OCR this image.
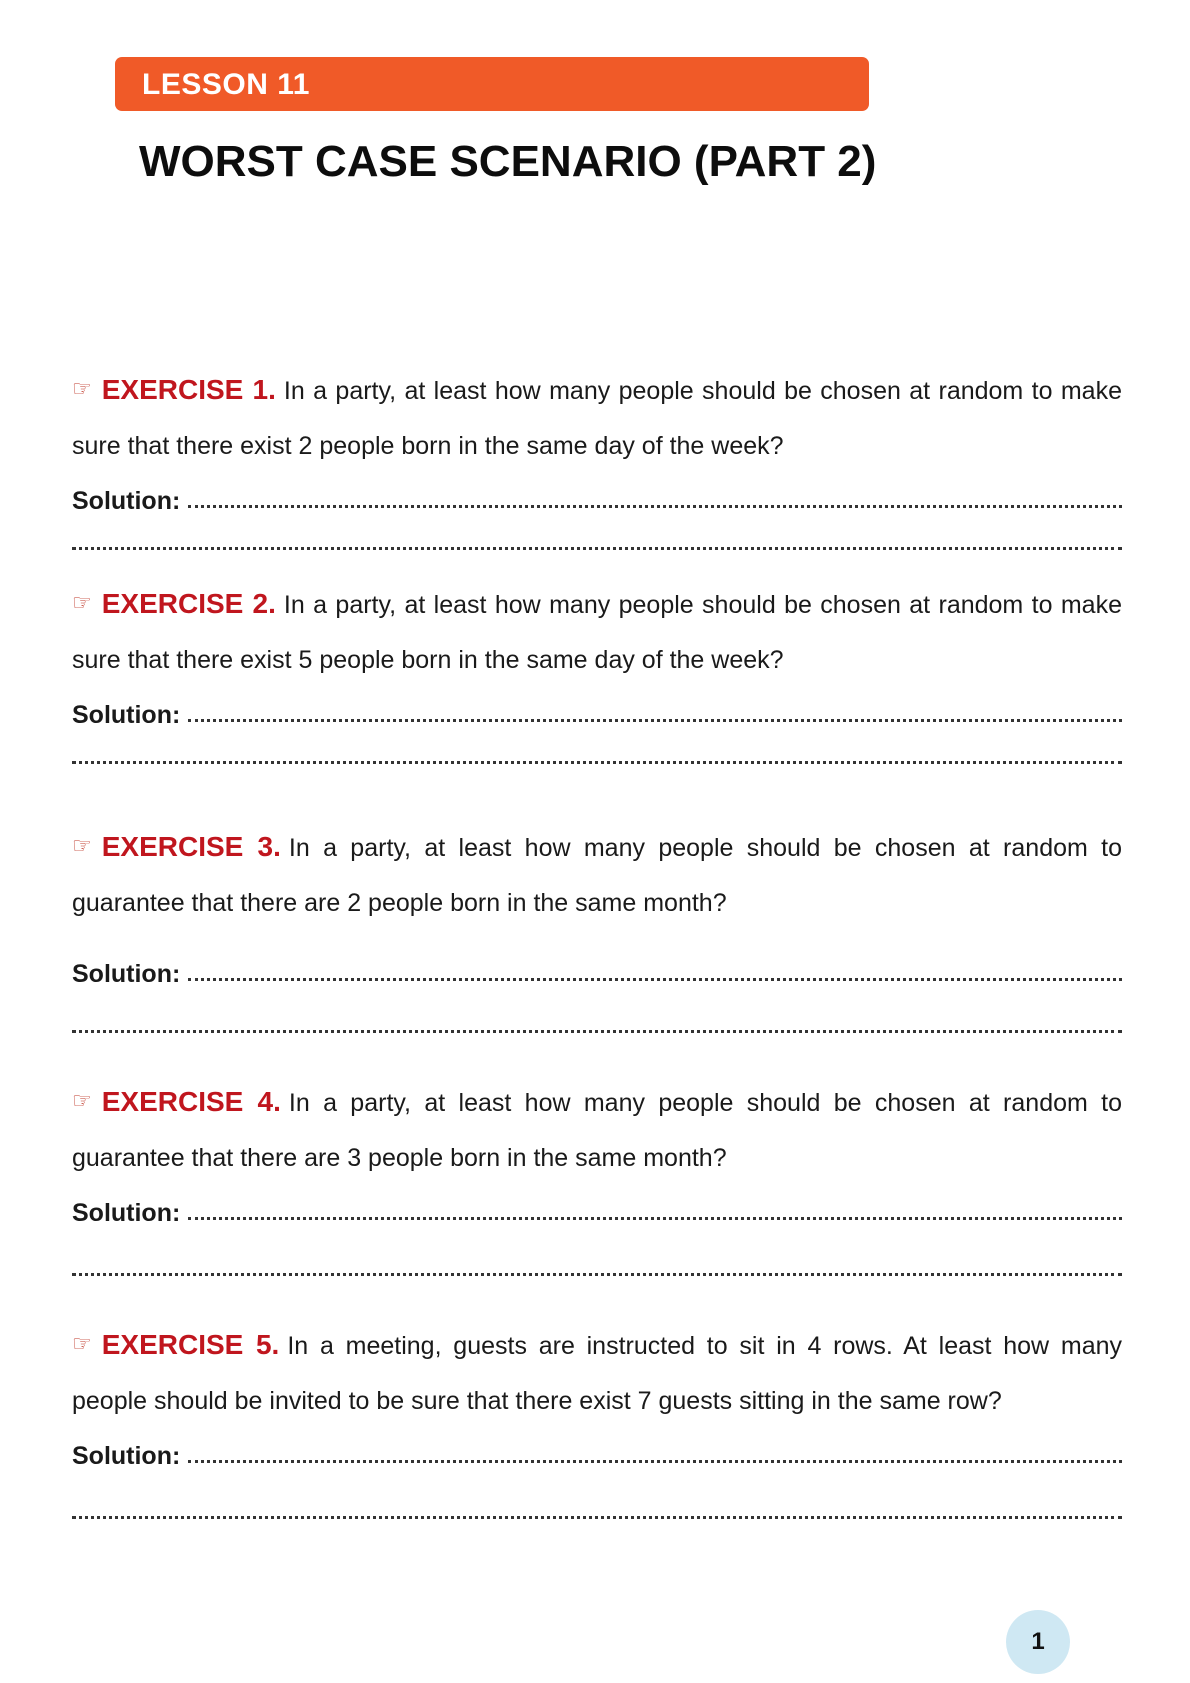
LESSON 11
WORST CASE SCENARIO (PART 2)
☞ EXERCISE 1. In a party, at least how many people should be chosen at random to make sure that there exist 2 people born in the same day of the week?
Solution:
☞ EXERCISE 2. In a party, at least how many people should be chosen at random to make sure that there exist 5 people born in the same day of the week?
Solution:
☞ EXERCISE 3. In a party, at least how many people should be chosen at random to guarantee that there are 2 people born in the same month?
Solution:
☞ EXERCISE 4. In a party, at least how many people should be chosen at random to guarantee that there are 3 people born in the same month?
Solution:
☞ EXERCISE 5. In a meeting, guests are instructed to sit in 4 rows. At least how many people should be invited to be sure that there exist 7 guests sitting in the same row?
Solution:
1
